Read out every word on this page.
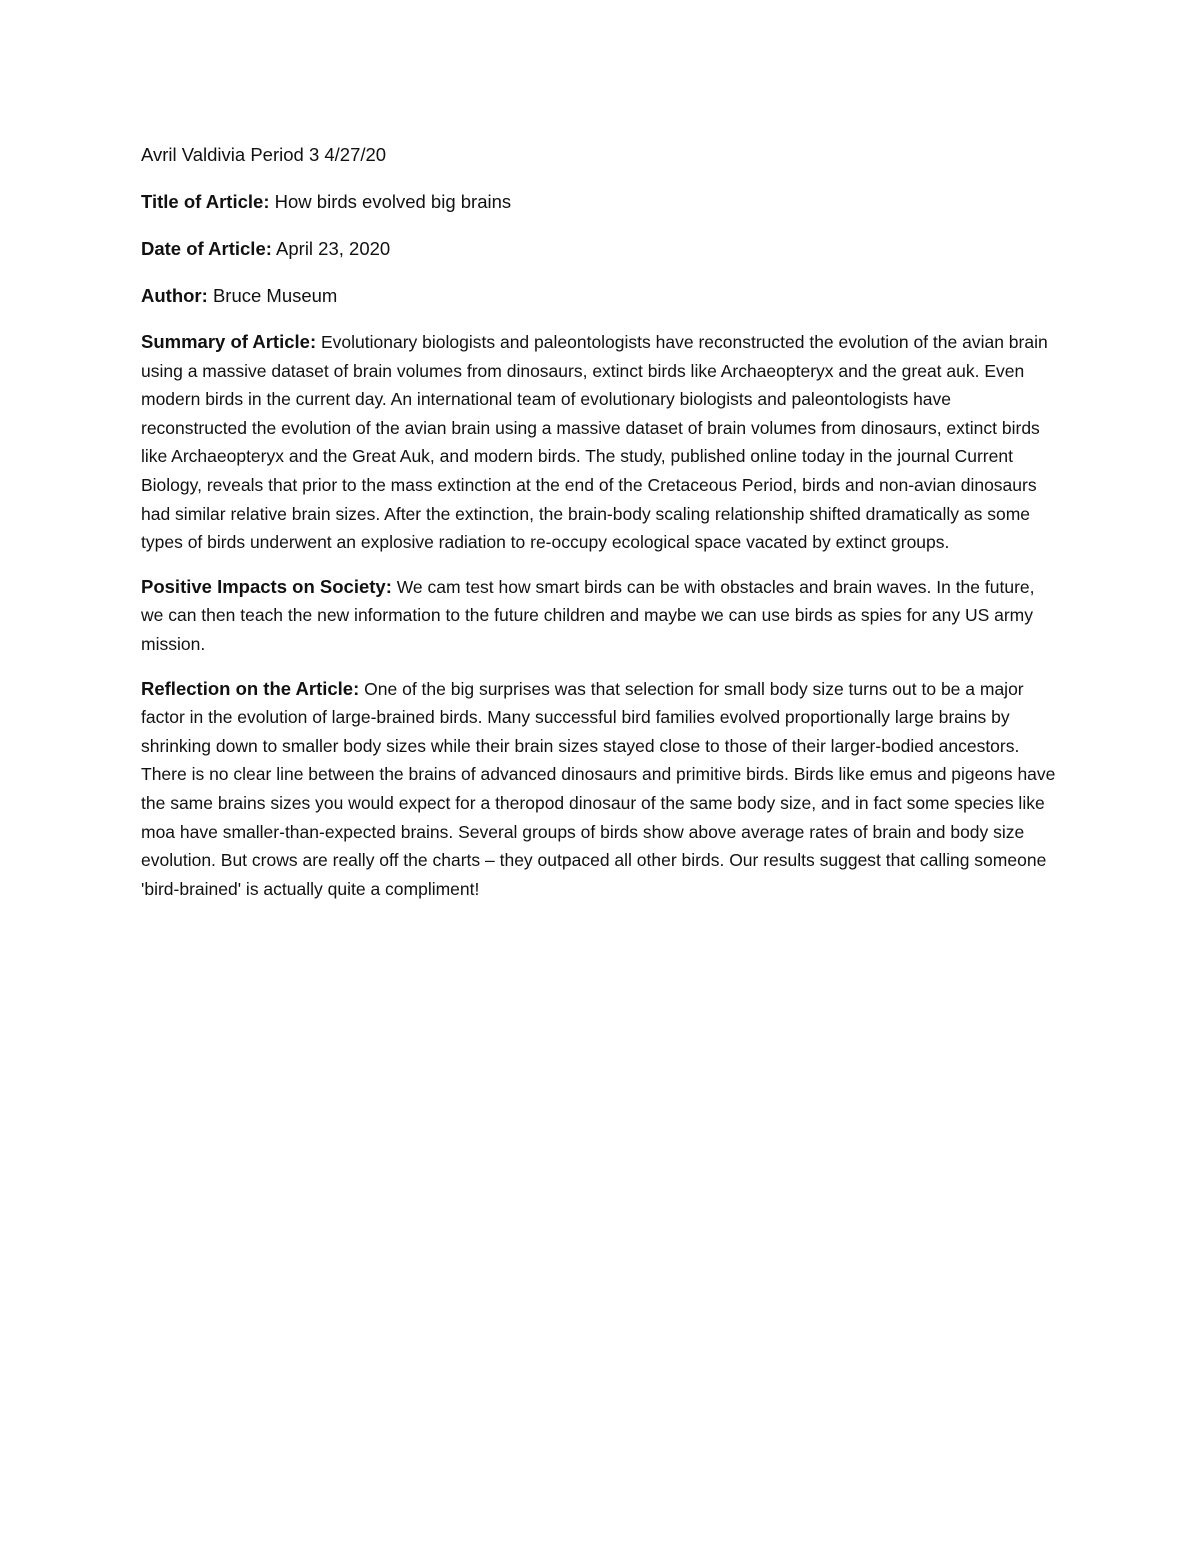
Avril Valdivia Period 3 4/27/20

Title of Article: How birds evolved big brains

Date of Article: April 23, 2020

Author: Bruce Museum

Summary of Article: Evolutionary biologists and paleontologists have reconstructed the evolution of the avian brain using a massive dataset of brain volumes from dinosaurs, extinct birds like Archaeopteryx and the great auk. Even modern birds in the current day. An international team of evolutionary biologists and paleontologists have reconstructed the evolution of the avian brain using a massive dataset of brain volumes from dinosaurs, extinct birds like Archaeopteryx and the Great Auk, and modern birds. The study, published online today in the journal Current Biology, reveals that prior to the mass extinction at the end of the Cretaceous Period, birds and non-avian dinosaurs had similar relative brain sizes. After the extinction, the brain-body scaling relationship shifted dramatically as some types of birds underwent an explosive radiation to re-occupy ecological space vacated by extinct groups.

Positive Impacts on Society: We cam test how smart birds can be with obstacles and brain waves. In the future, we can then teach the new information to the future children and maybe we can use birds as spies for any US army mission.

Reflection on the Article: One of the big surprises was that selection for small body size turns out to be a major factor in the evolution of large-brained birds. Many successful bird families evolved proportionally large brains by shrinking down to smaller body sizes while their brain sizes stayed close to those of their larger-bodied ancestors. There is no clear line between the brains of advanced dinosaurs and primitive birds. Birds like emus and pigeons have the same brains sizes you would expect for a theropod dinosaur of the same body size, and in fact some species like moa have smaller-than-expected brains. Several groups of birds show above average rates of brain and body size evolution. But crows are really off the charts – they outpaced all other birds. Our results suggest that calling someone 'bird-brained' is actually quite a compliment!
